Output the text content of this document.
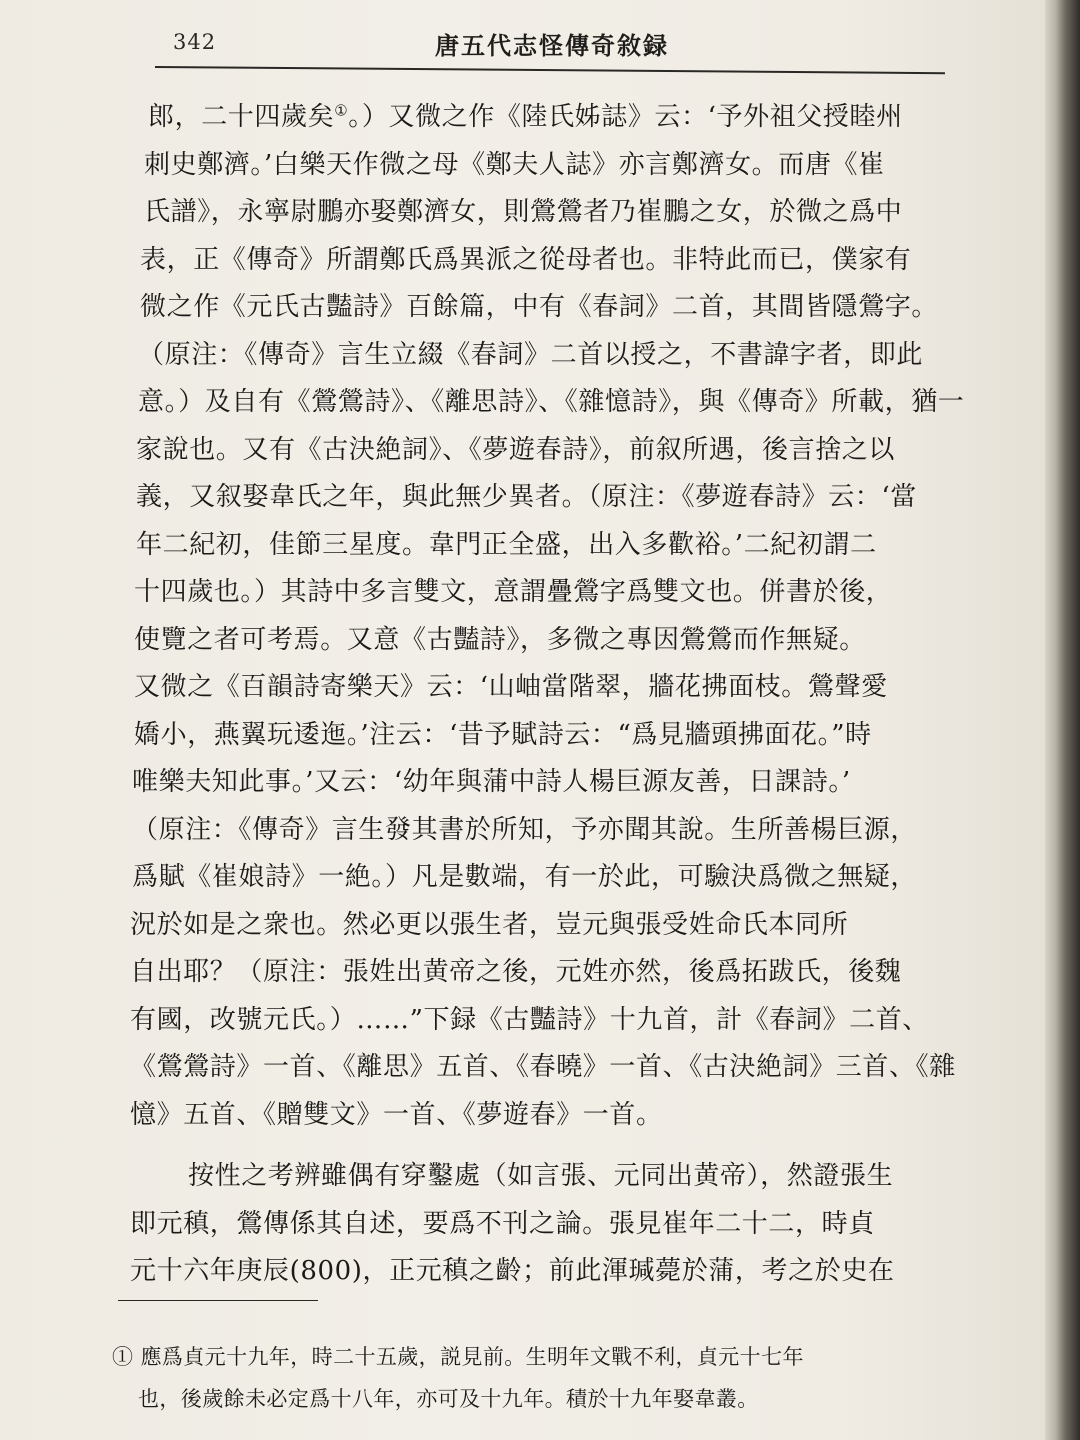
342	唐五代志怪傳奇敘録
郎，二十四歲矣①。）又微之作《陸氏姊誌》云：‘予外祖父授睦州
刺史鄭濟。’白樂天作微之母《鄭夫人誌》亦言鄭濟女。而唐《崔
氏譜》，永寧尉鵬亦娶鄭濟女，則鶯鶯者乃崔鵬之女，於微之爲中
表，正《傳奇》所謂鄭氏爲異派之從母者也。非特此而已，僕家有
微之作《元氏古豔詩》百餘篇，中有《春詞》二首，其間皆隱鶯字。
（原注：《傳奇》言生立綴《春詞》二首以授之，不書諱字者，即此
意。）及自有《鶯鶯詩》、《離思詩》、《雜憶詩》，與《傳奇》所載，猶一
家說也。又有《古決絶詞》、《夢遊春詩》，前叙所遇，後言捨之以
義，又叙娶韋氏之年，與此無少異者。（原注：《夢遊春詩》云：‘當
年二紀初，佳節三星度。韋門正全盛，出入多歡裕。’二紀初謂二
十四歲也。）其詩中多言雙文，意謂疊鶯字爲雙文也。併書於後，
使覽之者可考焉。又意《古豔詩》，多微之專因鶯鶯而作無疑。
又微之《百韻詩寄樂天》云：‘山岫當階翠，牆花拂面枝。鶯聲愛
嬌小，燕翼玩逶迤。’注云：‘昔予賦詩云：“爲見牆頭拂面花。”時
唯樂夫知此事。’又云：‘幼年與蒲中詩人楊巨源友善，日課詩。’
（原注：《傳奇》言生發其書於所知，予亦聞其說。生所善楊巨源，
爲賦《崔娘詩》一絶。）凡是數端，有一於此，可驗決爲微之無疑，
況於如是之衆也。然必更以張生者，豈元與張受姓命氏本同所
自出耶？（原注：張姓出黄帝之後，元姓亦然，後爲拓跋氏，後魏
有國，改號元氏。）……”下録《古豔詩》十九首，計《春詞》二首、
《鶯鶯詩》一首、《離思》五首、《春曉》一首、《古決絶詞》三首、《雜
憶》五首、《贈雙文》一首、《夢遊春》一首。
按性之考辨雖偶有穿鑿處（如言張、元同出黄帝），然證張生
即元稹，鶯傳係其自述，要爲不刊之論。張見崔年二十二，時貞
元十六年庚辰(800)，正元稹之齡；前此渾瑊薨於蒲，考之於史在
① 應爲貞元十九年，時二十五歲，説見前。生明年文戰不利，貞元十七年
也，後歲餘未必定爲十八年，亦可及十九年。積於十九年娶韋叢。
